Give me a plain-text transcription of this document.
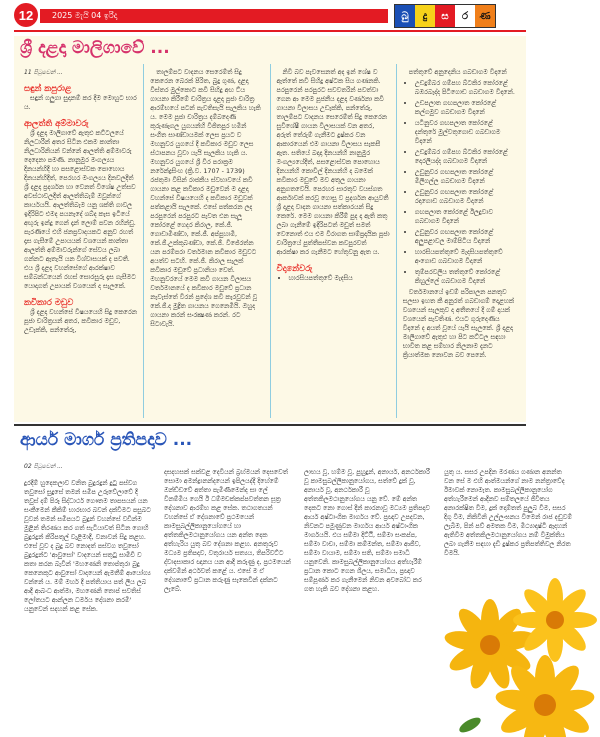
12	2025 මැයි 04 ඉරිදා	බු	දු	ස	ර	ණ
ශ්‍රී දළදා මාලිගාවේ ...
11 පිටුවෙන් ...
සඳුන් කපුරාළ

සඳුන් ගලුගා සුදානම් කර දීම මොහුට භාර ය.

ආලත්ති අම්මාවරු

ශ්‍රී දළදා මාලිගාවේ ඇතුළු කට්ටලයේ නිලධාරීන් අතර සිටින එකම කාන්තා නිලධාරිනියන් වන්නේ ආලත්ති අම්මාවරු දෙදෙනා පමණි. නානුමුර මංගල්‍යය දිනයන්හිදී හා පසළොස්වක පොහොය දිනයන්හිදීත්, පෙරහර මංගල්‍යය දිනවලදීත් ශ්‍රී දළදා ප්‍රදර්ශන හා වෙනත් විශේෂ උත්සව අවස්ථාවලදීත් ආලත්තිබැම් ඔවුන්ගේ කාර්යයයි. ආලත්තිබැම යනු ශක්ති ගාවල ඉදිරිපිට එමද පයනැදේ ශබ්ද කැස ඉටියේ අඟුරු ඉන්දු ගෙන් දෑන් ලොම් පවන රහින්ඩු. පැරණියේ එහි ජනප්‍රවාදයකට අනුව රහත් දෑස ගැසීමේ උපායයක් වශයෙන් කාන්තා ආලත්ති අම්මාවරුන්ගේ සේවය ලබා ගන්නට ඇතැයි යන විශ්වාසයක් ද පවතී. එය ශ්‍රී දළදා වහන්සේගේ ආරක්ෂාව සම්බන්ධයෙන් රහස් සොරසුරු දෑස ගැසීමට යොදාගත් උපායක් වශයෙන් ද සැලකේ.

කවිකාර මඩුව

ශ්‍රී දළදා වහන්සේ විෂයයෙහි සිදු කෙරෙන පූජා චාරිත්‍රයන් අතර, කවිකාර මඩුව, උඩැක්කි, පන්තේරු,

තාලම්පට වාදනය සෙරෙම්ත් සිදු කෙරෙන බෙරක් පිරිත, බුදු ගුණ, දළදා විස්තර මුල්කොට කවි සිහිදු අඟ ට්ය ගායනා කිරීමේ චාරිත්‍රය දළදා පූජා චාරිත්‍ර ආරම්භයේ පටන් පැවතිසැයි සැලකිය හැකි ය. මෙම පූජා චාරිත්‍රය දම්බදෙණි කුරුණෑගල යුගයන්හි විජිතපුර හමින් සංගීත සාණ්ඩායමක් ලෙස ප්‍රයට ව මහනුවර යුගයේ දී කවිකාර මඩුව ලෙස ස්ථාපනය වූවා යැයි සැලකිය හැකි ය. මහනුවර යුගයේ ශ්‍රී වීර පරාක්‍රම නරේන්ද්‍රසිංහ (ක්‍රි.ව. 1707 - 1739) රජතුමා විසින් රාජකීය ස්වභාවයේ කවි ගායනා කළ කවිකාර මඩුවෙන් ම දළදා වහන්සේ විෂයයෙහි ද කවිකාර මඩුවක් පත්කළායි සැලකේ. එසේ පත්කරන ලද පරපුරෙන් පරපුරට පැවත එන සැලූ කෝරළේ ගෙදර කිරාල, කේ.ජී. ගොඩාමිණ්ඩා, කේ.ජී. අප්පුහාමි, කේ.ජී.උක්කුබණ්ඩා, කේ.ජී. විජේරත්න යන පරම්පරා වර්තමාන කවිකාර මඩුවට අයත්ව සටහි. කේ.ජී. කිරාල සැලක් කවිකාර මඩුවේ ප්‍රධානියා වෙත්. මහනුවරයේ මෙම කවි ගායන විලාසය වර්තමානයේ ද කවිකාර මඩුවේ ප්‍රධාන නැවැස්තේ විරන් ප්‍රදේශ කවි කැරවුවන් වූ කේ.ජී.ද මුද්‍රිත ගායනය ගෙනෙමියි. ඔහුද ගායනා කරන් සංරක්‍ෂණ කරන්. රට සිටාවැයි.

නිවී බව පැවසෙනත් අද ඉන් ශේෂ ව ඇත්තේ කවි සිහිදු අෂ්ටක සිය ගණනකි. පරපුරෙන් පරපුරට සවවතරින් පවත්වා ගෙන ආ මෙම පූජනීය දළදා වර්ණනා කවි ගායනා විලාසය උඩැක්කි, පන්තේරු, තාලම්පට වාදනය සෙරෙම්ත් සිදු කෙරෙන සුවිශේෂී ගායන විලාසයක් වන අතර, අරුත් තේරුම් ගැනීමට දුෂ්කර වන ආකාරයෙන් එම ගායනා විලාසය සැකසී ඇත. සතියේ බදාදා දිනයන්හි නානුමුර මංගල්‍යයේදීත්, පසළොස්වක පොහොය දිනයන්හි කොවිල් දිනයන්හි ද බමෙක් කවිකාර මඩුවේ මව අතුල ගායනා අනුගතවෙයි. පෙරහර සාරතුව වයස්ගත ආර්කාවක් කරවූ ගොසු ව ප්‍රදර්ශන ආයුවතී ශ්‍රී දළදා වාදන ගායනා සත්කාරයන් සිදු කෙරේ. මෙම ගායනා කිරීම් පුද දා ඇති කතු ලබා ගැනීමේ ඉදිරිපටත් මඩුත් සමත් වෙනොත් එය එම විරාගත සාම්ප්‍රදායික පූජා චාරිත්‍රයේ පුත්තීපස්වන කවපුරවත් ආරක්ෂා කර ගැනීමට හේතුවනු ඇත ය.

විදානේවරු
• හාරසියපත්තුවේ මැදසිය

පත්තුවේ අනුදෙනිය ගබඩාගම විදානේ

• උඩදුම්බර ගම්පහ බ්ටකිර කෝරළේ බඹරබැද්ද පිටිගොඩ ගබඩාගම විදානේ.
• උඩපලාත ගඟපලාත කෝරළේ කල්ගමුව ගබඩාගම විදානේ
• යටිනුවර ගඟපලාත කෝරළේ දන්තුරේ මුල්වතුගොඩ ගබඩාගම විදානේ
• උඩදුම්බර ගම්පහ බ්ටකිර කෝරළේ දොරලියද්ද ගබඩාගම විදානේ
• උඩුනුවර ගඟපලාත කෝරළේ මිලිගල්ල ගබඩාගම විදානේ
• උඩුනුවර ගඟපලාත කෝරළේ රදාගොඩ ගබඩාගම විදානේ
• ගඟපලාත කෝරළේ ඊලදුවාව ගබඩාගම විදානේ
• උඩුනුවර ගඟපලාත කෝරළේ අලුපළාවල මාම්පිටිය විදානේ
• හාරසියපත්තුවේ මැදසියපත්තුවේ අංගොඩ ගබඩාගම විදානේ
• තුම්පරවලිය තත්තුවේ කෝරළේ කිහුල්ලේ ගබඩාගම විදානේ

වර්තමානයේ ඉඩම් පරිපාලන පනතුව සලසා ඉහත කී අනුරත් ගබඩාගම් දොළහක් වශයෙන් සැලකුව ද අතීතයේ දී ගම් දායක් වශයෙන් පැවතිණ. එයට ගුරුදෙණිය විදානේ ද අයත් වූයේ යැයි සැලකේ. ශ්‍රී දළදා මාලිගාවේ ඇතුළු හා පිට කට්ටල සඳහා භාවිත කළ සම්භාර නිලනාම දැනට ක්‍රියාත්මක නොවන බව පෙනේ.

ආර්ය මාර්ග ප්‍රතිපදාව ...
02 පිටුවෙන් ...

දුරදීම් හුදෙකලාව වනිත බුදුරදුන් දුටු පස්වග තවුසෝ සුදුසේ තමන් සමීප උරුවේලාවේ දී තවුස් දම් පිරූ සිද්ධාර්ථ ගෞතම තාපසයන් යන සංකීමෙන් කීකිම් භාරභාර බවන් දක්වීමට පසුබට වූවන් තමන් සමීපයට බුදුන් වහන්සේ වඩින්ම මුළින් තිරණය කර ගත් සැටියාවත් සිටින ගොහි බුදුරදුන් කිරිපතුල් වැළිමාදී, වනාවන් සිදු කළහ. එසේ වූව ද බුදු බව නොදත් පස්වග තවුසෝ බුදුරදුන්ට 'ආවුසෝ' වාදයෙන් සතුටු සාමීචි ව කතා කරන බැවින් 'මහණෙනි තොප්තුරා බුදු කෙනෙකුට ආවුසෝ වාදයෙන් ඇමතීම් ආයෝග්‍ය වන්නේ ය. මම් මහර් දී පත්තියාය පත් ලිය ලබ ආදී ආබංධ ආත්මා, මහණෙනි තොප් සවතිස් ලෝතයට ආන්ලන ධර්මය දේශනා කරමි' යනුවෙන් සදහන් කළ සේක.

දසදහසක් සක්වළ දෙවියන් බ්‍රහ්මයන් දෙසවෙත් සොමා අමන්ද්‍රානන්දයෙන් ඉපිලයද්දී දිහේමේ ඔන්ඩ්ඩවේ අත්තා පැමිණීමෙන්ද සා ලේ විනම්මිය ගෙයි ඊ ධම්මචක්කප්පවත්තන සූත්‍ර දේශනාව ආරම්භ කළ සේක. තථාගතයන් වහන්සේ ඒ දේශනාවේ ප්‍රථමයෙන් කාමසුඛල්ලිකානුයෝගයේ හා අත්තකිලමථානුයෝගය යන අන්ත දෙක අත්හැරිය යුතු බව දේශනා කළහ. අනතුරුව මධ්‍යම ප්‍රතිපදාව, වතුරාර්ය සත්‍යය, තිපරිවට්ට ද්වාදසාකාර ඥානය යන ආදී කරුණු ද, ප්‍රථමයෙන් දක්වමින් අර්ථවත් කළේ ය. එසේ ම ඒ දේශනාවේ ප්‍රධාන කරුණු සැකෙවින් දක්නට ලැබේ.

ලාභය වූ, හම්ම වූ, පුහුදුන්, අනාර්ය, අනර්ථකාරී වූ කාමසුඛල්ලිකානුයෝගය, සත්වේ දුක් වූ, අනාර්ය වූ, අනර්ථකාරී වූ අත්තකිලමථානුයෝගය යනු වේ. මේ අන්ත දෙකට නො ගොස් දීන් කාරනාවූ මධ්‍යම ප්‍රතිපදාව ආර්ය අෂ්ටාංගික මාර්ගය වේ. ප්‍රඥාව උපදවන, නිවනට පමුණුවන මාර්ගය ආර්ය අෂ්ටාංගික මාර්ගයයි. එය සම්මා දිට්ඨි, සම්මා සංකප්ප, සම්මා වාචා, සම්මා කම්මන්ත, සම්මා ආජීව, සම්මා වායාම, සම්මා සති, සම්මා සමාධි යනුවෙනි. කාමසුඛල්ලිකානුයෝගය අත්හැරීම් ප්‍රධාන කොට ගෙන ශීලය, සමාධිය, ප්‍රඥාව සම්පූර්ණ කර ගැනීමෙන් නිවන අවබෝධ කර ගත හැකි බව දේශනා කළහ.

යුතු ය. සසර උපදින මරණය ගණාන අනන්ත වන සේ ම එහි ආත්මයන්ගේ නාම නන්ත්‍රාවේද ඊමාවක් නොමැත. කාමසුඛල්ලිකානුයෝග අත්හැරීමෙන් ආදීනව සම්තලයේ ජීවිතය අනාරක්ෂිත වීම, දුක් දොම්තත් පුලුබ වීම, සසර දිගු වීම, නිකිවිනි උල්ලංඝනය වීමෙන් රාජ දඬුවම් ලැබීම, පින් පව් අමතක වීම, මිථ්‍යාදෘෂ්ටි ඇදහන් ඇතිවීම අත්තකිලමථානුයෝගය නම් විමුක්තිය ලබා ගැනීම සඳහා දැඩි දුෂ්කර ප්‍රතිපත්තිවල නිරත වීමයි.
